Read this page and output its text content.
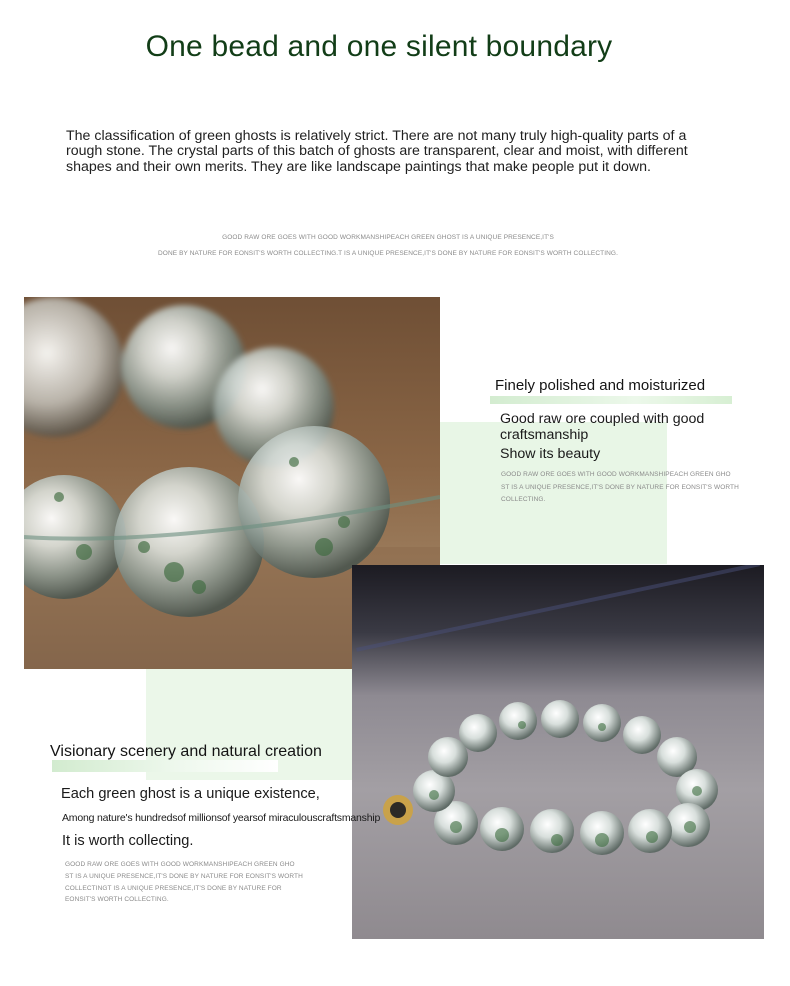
One bead and one silent boundary
The classification of green ghosts is relatively strict. There are not many truly high-quality parts of a rough stone. The crystal parts of this batch of ghosts are transparent, clear and moist, with different shapes and their own merits. They are like landscape paintings that make people put it down.
GOOD RAW ORE GOES WITH GOOD WORKMANSHIPEACH GREEN GHOST IS A UNIQUE PRESENCE,IT'S
DONE BY NATURE FOR EONSIT'S WORTH COLLECTING.T IS A UNIQUE PRESENCE,IT'S DONE BY NATURE FOR EONSIT'S WORTH COLLECTING.
Finely polished and moisturized
Good raw ore coupled with good craftsmanship
Show its beauty
GOOD RAW ORE GOES WITH GOOD WORKMANSHIPEACH GREEN GHO
ST IS A UNIQUE PRESENCE,IT'S DONE BY NATURE FOR EONSIT'S WORTH
COLLECTING.
Visionary scenery and natural creation
Each green ghost is a unique existence,
Among nature's hundredsof millionsof yearsof miraculouscraftsmanship
It is worth collecting.
GOOD RAW ORE GOES WITH GOOD WORKMANSHIPEACH GREEN GHO
ST IS A UNIQUE PRESENCE,IT'S DONE BY NATURE FOR EONSIT'S WORTH
COLLECTINGT IS A UNIQUE PRESENCE,IT'S DONE BY NATURE FOR
EONSIT'S WORTH COLLECTING.
